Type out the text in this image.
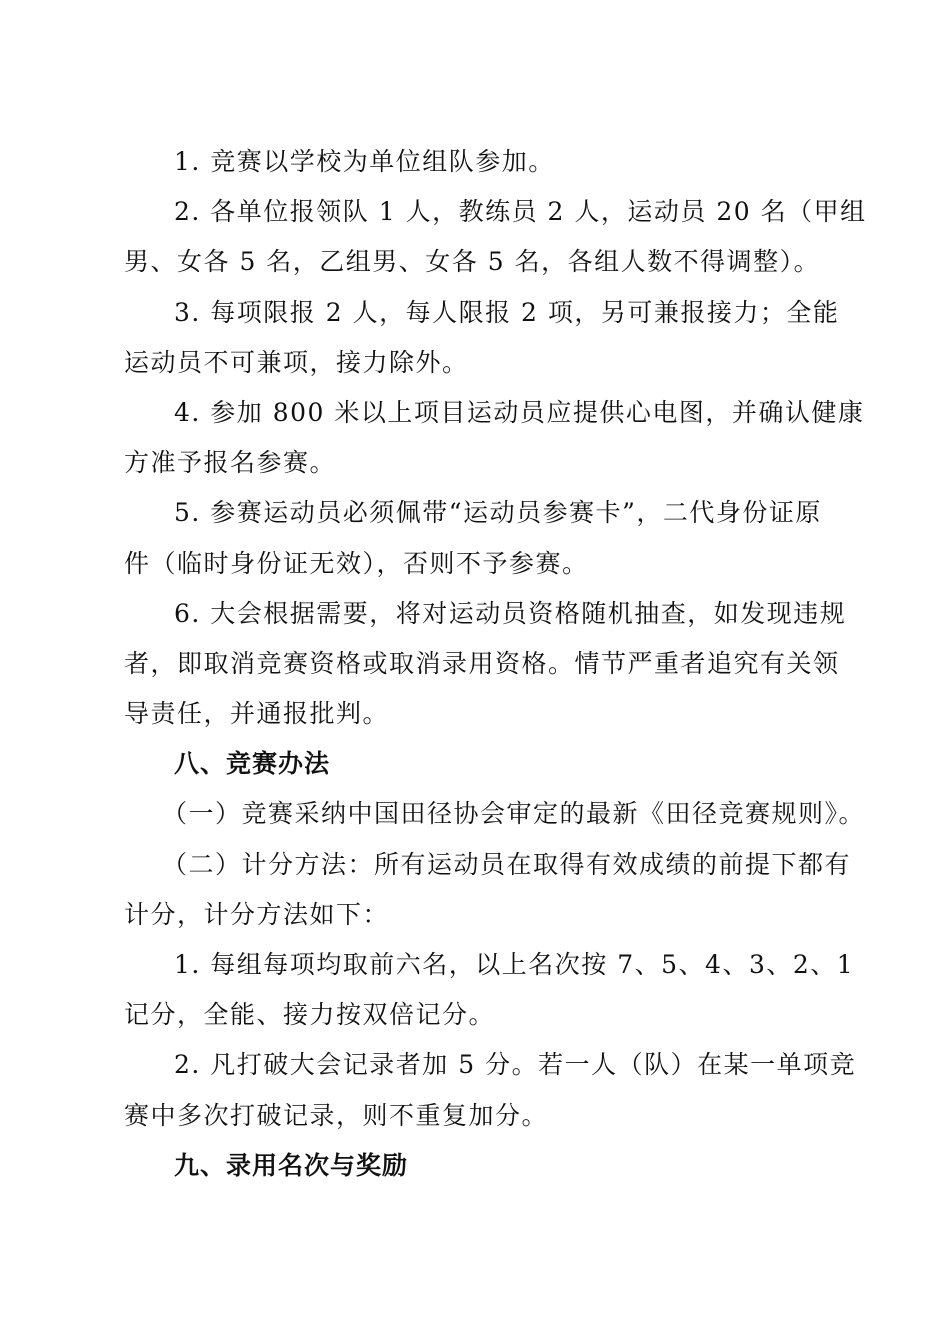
1. 竞赛以学校为单位组队参加。
2. 各单位报领队 1 人，教练员 2 人，运动员 20 名（甲组
男、女各 5 名，乙组男、女各 5 名，各组人数不得调整）。
3. 每项限报 2 人，每人限报 2 项，另可兼报接力；全能
运动员不可兼项，接力除外。
4. 参加 800 米以上项目运动员应提供心电图，并确认健康
方准予报名参赛。
5. 参赛运动员必须佩带“运动员参赛卡”，二代身份证原
件（临时身份证无效），否则不予参赛。
6. 大会根据需要，将对运动员资格随机抽查，如发现违规
者，即取消竞赛资格或取消录用资格。情节严重者追究有关领
导责任，并通报批判。
八、竞赛办法
（一）竞赛采纳中国田径协会审定的最新《田径竞赛规则》。
（二）计分方法：所有运动员在取得有效成绩的前提下都有
计分，计分方法如下：
1. 每组每项均取前六名，以上名次按 7、5、4、3、2、1
记分，全能、接力按双倍记分。
2. 凡打破大会记录者加 5 分。若一人（队）在某一单项竞
赛中多次打破记录，则不重复加分。
九、录用名次与奖励
